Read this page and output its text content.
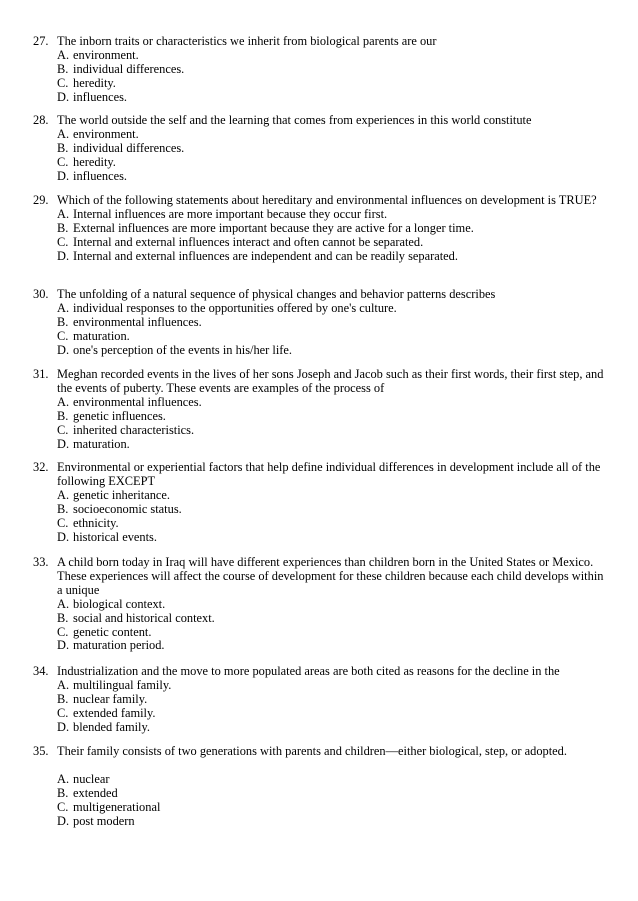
27. The inborn traits or characteristics we inherit from biological parents are our
A. environment.
B. individual differences.
C. heredity.
D. influences.
28. The world outside the self and the learning that comes from experiences in this world constitute
A. environment.
B. individual differences.
C. heredity.
D. influences.
29. Which of the following statements about hereditary and environmental influences on development is TRUE?
A. Internal influences are more important because they occur first.
B. External influences are more important because they are active for a longer time.
C. Internal and external influences interact and often cannot be separated.
D. Internal and external influences are independent and can be readily separated.
30. The unfolding of a natural sequence of physical changes and behavior patterns describes
A. individual responses to the opportunities offered by one's culture.
B. environmental influences.
C. maturation.
D. one's perception of the events in his/her life.
31. Meghan recorded events in the lives of her sons Joseph and Jacob such as their first words, their first step, and the events of puberty. These events are examples of the process of
A. environmental influences.
B. genetic influences.
C. inherited characteristics.
D. maturation.
32. Environmental or experiential factors that help define individual differences in development include all of the following EXCEPT
A. genetic inheritance.
B. socioeconomic status.
C. ethnicity.
D. historical events.
33. A child born today in Iraq will have different experiences than children born in the United States or Mexico. These experiences will affect the course of development for these children because each child develops within a unique
A. biological context.
B. social and historical context.
C. genetic content.
D. maturation period.
34. Industrialization and the move to more populated areas are both cited as reasons for the decline in the
A. multilingual family.
B. nuclear family.
C. extended family.
D. blended family.
35. Their family consists of two generations with parents and children—either biological, step, or adopted.
A. nuclear
B. extended
C. multigenerational
D. post modern
